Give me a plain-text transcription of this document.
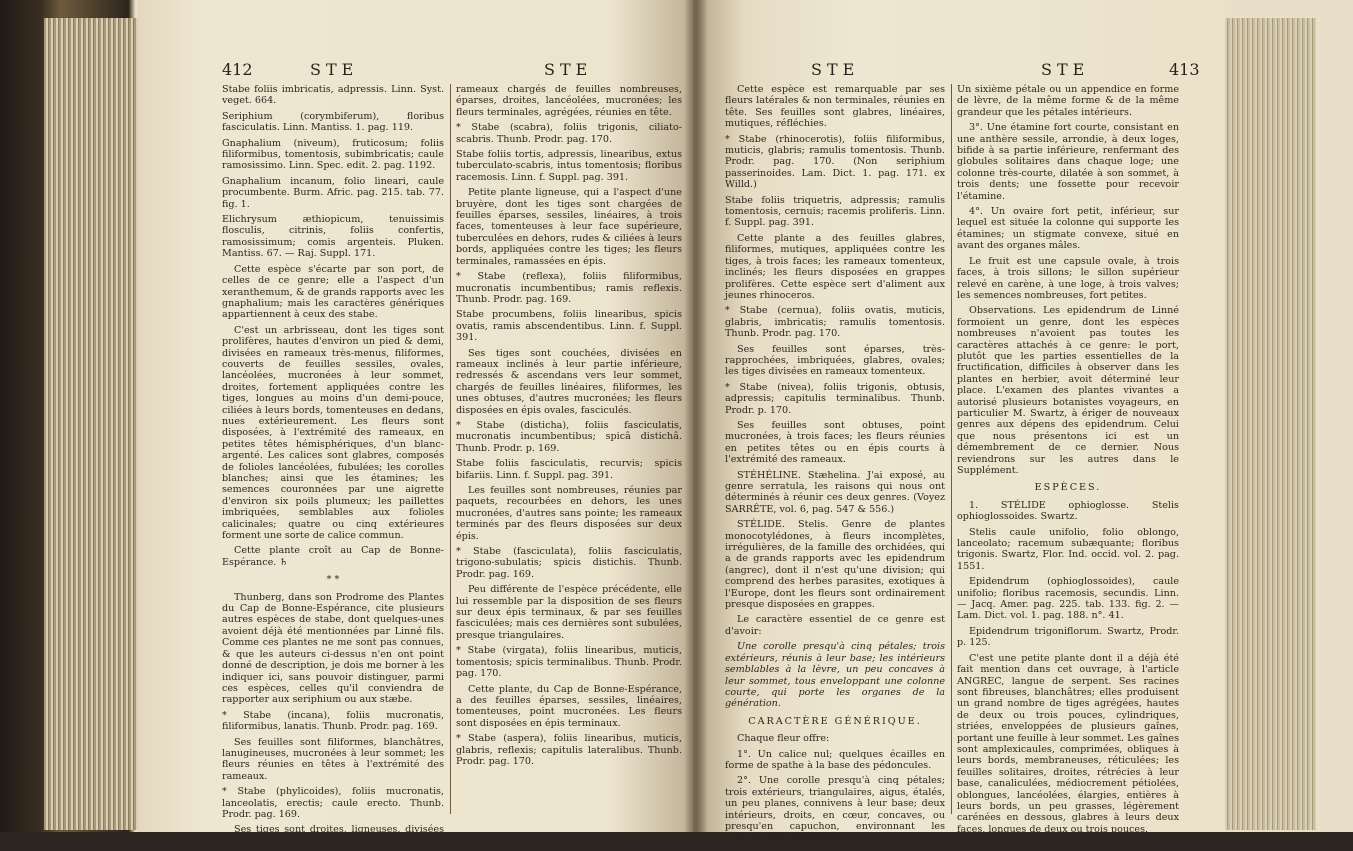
412	STE	STE

Stabe foliis imbricatis, adpressis. Linn. Syst. veget. 664.

Seriphium (corymbiferum), floribus fasciculatis. Linn. Mantiss. 1. pag. 119.

Gnaphalium (niveum), fruticosum; foliis filiformibus, tomentosis, subimbricatis; caule ramosissimo. Linn. Spec. edit. 2. pag. 1192.

Gnaphalium incanum, folio lineari, caule procumbente. Burm. Afric. pag. 215. tab. 77. fig. 1.

Elichrysum æthiopicum, tenuissimis flosculis, citrinis, foliis confertis, ramosissimum; comis argenteis. Pluken. Mantiss. 67. — Raj. Suppl. 171.

Cette espèce s'écarte par son port, de celles de ce genre; elle a l'aspect d'un xeranthemum, & de grands rapports avec les gnaphalium; mais les caractères génériques appartiennent à ceux des stabe.

C'est un arbrisseau, dont les tiges sont prolifères, hautes d'environ un pied & demi, divisées en rameaux très-menus, filiformes, couverts de feuilles sessiles, ovales, lancéolées, mucronées à leur sommet, droites, fortement appliquées contre les tiges, longues au moins d'un demi-pouce, ciliées à leurs bords, tomenteuses en dedans, nues extérieurement. Les fleurs sont disposées, à l'extrémité des rameaux, en petites têtes hémisphériques, d'un blanc-argenté. Les calices sont glabres, composés de folioles lancéolées, fubulées; les corolles blanches; ainsi que les étamines; les semences couronnées par une aigrette d'environ six poils plumeux; les paillettes imbriquées, semblables aux folioles calicinales; quatre ou cinq extérieures forment une sorte de calice commun.

Cette plante croît au Cap de Bonne-Espérance. ♄

* *

Thunberg, dans son Prodrome des Plantes du Cap de Bonne-Espérance, cite plusieurs autres espèces de stabe, dont quelques-unes avoient déjà été mentionnées par Linné fils. Comme ces plantes ne me sont pas connues, & que les auteurs ci-dessus n'en ont point donné de description, je dois me borner à les indiquer ici, sans pouvoir distinguer, parmi ces espèces, celles qu'il conviendra de rapporter aux seriphium ou aux stæbe.

* Stabe (incana), foliis mucronatis, filiformibus, lanatis. Thunb. Prodr. pag. 169.

Ses feuilles sont filiformes, blanchâtres, lanugineuses, mucronées à leur sommet; les fleurs réunies en têtes à l'extrémité des rameaux.

* Stabe (phylicoides), foliis mucronatis, lanceolatis, erectis; caule erecto. Thunb. Prodr. pag. 169.

Ses tiges sont droites, ligneuses, divisées en

rameaux chargés de feuilles nombreuses, éparses, droites, lancéolées, mucronées; les fleurs terminales, agrégées, réunies en tête.

* Stabe (scabra), foliis trigonis, ciliato-scabris. Thunb. Prodr. pag. 170.

Stabe foliis tortis, adpressis, linearibus, extus tuberculato-scabris, intus tomentosis; floribus racemosis. Linn. f. Suppl. pag. 391.

Petite plante ligneuse, qui a l'aspect d'une bruyère, dont les tiges sont chargées de feuilles éparses, sessiles, linéaires, à trois faces, tomenteuses à leur face supérieure, tuberculées en dehors, rudes & ciliées à leurs bords, appliquées contre les tiges; les fleurs terminales, ramassées en épis.

* Stabe (reflexa), foliis filiformibus, mucronatis incumbentibus; ramis reflexis. Thunb. Prodr. pag. 169.

Stabe procumbens, foliis linearibus, spicis ovatis, ramis abscendentibus. Linn. f. Suppl. 391.

Ses tiges sont couchées, divisées en rameaux inclinés à leur partie inférieure, redressés & ascendans vers leur sommet, chargés de feuilles linéaires, filiformes, les unes obtuses, d'autres mucronées; les fleurs disposées en épis ovales, fasciculés.

* Stabe (disticha), foliis fasciculatis, mucronatis incumbentibus; spicâ distichâ. Thunb. Prodr. p. 169.

Stabe foliis fasciculatis, recurvis; spicis bifariis. Linn. f. Suppl. pag. 391.

Les feuilles sont nombreuses, réunies par paquets, recourbées en dehors, les unes mucronées, d'autres sans pointe; les rameaux terminés par des fleurs disposées sur deux épis.

* Stabe (fasciculata), foliis fasciculatis, trigono-subulatis; spicis distichis. Thunb. Prodr. pag. 169.

Peu différente de l'espèce précédente, elle lui ressemble par la disposition de ses fleurs sur deux épis terminaux, & par ses feuilles fasciculées; mais ces dernières sont subulées, presque triangulaires.

* Stabe (virgata), foliis linearibus, muticis, tomentosis; spicis terminalibus. Thunb. Prodr. pag. 170.

Cette plante, du Cap de Bonne-Espérance, a des feuilles éparses, sessiles, linéaires, tomenteuses, point mucronées. Les fleurs sont disposées en épis terminaux.

* Stabe (aspera), foliis linearibus, muticis, glabris, reflexis; capitulis lateralibus. Thunb. Prodr. pag. 170.

STE	STE	413

Cette espèce est remarquable par ses fleurs latérales & non terminales, réunies en tête. Ses feuilles sont glabres, linéaires, mutiques, réfléchies.

* Stabe (rhinocerotis), foliis filiformibus, muticis, glabris; ramulis tomentosis. Thunb. Prodr. pag. 170. (Non seriphium passerinoides. Lam. Dict. 1. pag. 171. ex Willd.)

Stabe foliis triquetris, adpressis; ramulis tomentosis, cernuis; racemis proliferis. Linn. f. Suppl. pag. 391.

Cette plante a des feuilles glabres, filiformes, mutiques, appliquées contre les tiges, à trois faces; les rameaux tomenteux, inclinés; les fleurs disposées en grappes prolifères. Cette espèce sert d'aliment aux jeunes rhinoceros.

* Stabe (cernua), foliis ovatis, muticis, glabris, imbricatis; ramulis tomentosis. Thunb. Prodr. pag. 170.

Ses feuilles sont éparses, très-rapprochées, imbriquées, glabres, ovales; les tiges divisées en rameaux tomenteux.

* Stabe (nivea), foliis trigonis, obtusis, adpressis; capitulis terminalibus. Thunb. Prodr. p. 170.

Ses feuilles sont obtuses, point mucronées, à trois faces; les fleurs réunies en petites têtes ou en épis courts à l'extrémité des rameaux.

STÉHÉLINE. Stæhelina. J'ai exposé, au genre serratula, les raisons qui nous ont déterminés à réunir ces deux genres. (Voyez SARRÊTE, vol. 6, pag. 547 & 556.)

STÉLIDE. Stelis. Genre de plantes monocotylédones, à fleurs incomplètes, irrégulières, de la famille des orchidées, qui a de grands rapports avec les epidendrum (angrec), dont il n'est qu'une division; qui comprend des herbes parasites, exotiques à l'Europe, dont les fleurs sont ordinairement presque disposées en grappes.

Le caractère essentiel de ce genre est d'avoir:

Une corolle presqu'à cinq pétales; trois extérieurs, réunis à leur base; les intérieurs semblables à la lèvre, un peu concaves à leur sommet, tous enveloppant une colonne courte, qui porte les organes de la génération.

CARACTÈRE GÉNÉRIQUE.

Chaque fleur offre:

1°. Un calice nul; quelques écailles en forme de spathe à la base des pédoncules.

2°. Une corolle presqu'à cinq pétales; trois extérieurs, triangulaires, aigus, étalés, un peu planes, connivens à leur base; deux intérieurs, droits, en cœur, concaves, ou presqu'en capuchon, environnant les organes de la génération.

Un sixième pétale ou un appendice en forme de lèvre, de la même forme & de la même grandeur que les pétales intérieurs.

3°. Une étamine fort courte, consistant en une anthère sessile, arrondie, à deux loges, bifide à sa partie inférieure, renfermant des globules solitaires dans chaque loge; une colonne très-courte, dilatée à son sommet, à trois dents; une fossette pour recevoir l'étamine.

4°. Un ovaire fort petit, inférieur, sur lequel est située la colonne qui supporte les étamines; un stigmate convexe, situé en avant des organes mâles.

Le fruit est une capsule ovale, à trois faces, à trois sillons; le sillon supérieur relevé en carène, à une loge, à trois valves; les semences nombreuses, fort petites.

Observations. Les epidendrum de Linné formoient un genre, dont les espèces nombreuses n'avoient pas toutes les caractères attachés à ce genre: le port, plutôt que les parties essentielles de la fructification, difficiles à observer dans les plantes en herbier, avoit déterminé leur place. L'examen des plantes vivantes a autorisé plusieurs botanistes voyageurs, en particulier M. Swartz, à ériger de nouveaux genres aux dépens des epidendrum. Celui que nous présentons ici est un démembrement de ce dernier. Nous reviendrons sur les autres dans le Supplément.

ESPÈCES.

1. STÉLIDE ophioglosse. Stelis ophioglossoides. Swartz.

Stelis caule unifolio, folio oblongo, lanceolato; racemum subæquante; floribus trigonis. Swartz, Flor. Ind. occid. vol. 2. pag. 1551.

Epidendrum (ophioglossoides), caule unifolio; floribus racemosis, secundis. Linn. — Jacq. Amer. pag. 225. tab. 133. fig. 2. — Lam. Dict. vol. 1. pag. 188. n°. 41.

Epidendrum trigoniflorum. Swartz, Prodr. p. 125.

C'est une petite plante dont il a déjà été fait mention dans cet ouvrage, à l'article ANGREC, langue de serpent. Ses racines sont fibreuses, blanchâtres; elles produisent un grand nombre de tiges agrégées, hautes de deux ou trois pouces, cylindriques, striées, enveloppées de plusieurs gaînes, portant une feuille à leur sommet. Les gaînes sont amplexicaules, comprimées, obliques à leurs bords, membraneuses, réticulées; les feuilles solitaires, droites, rétrécies à leur base, canaliculées, médiocrement pétiolées, oblongues, lancéolées, élargies, entières à leurs bords, un peu grasses, légèrement carénées en dessous, glabres à leurs deux faces, longues de deux ou trois pouces.
